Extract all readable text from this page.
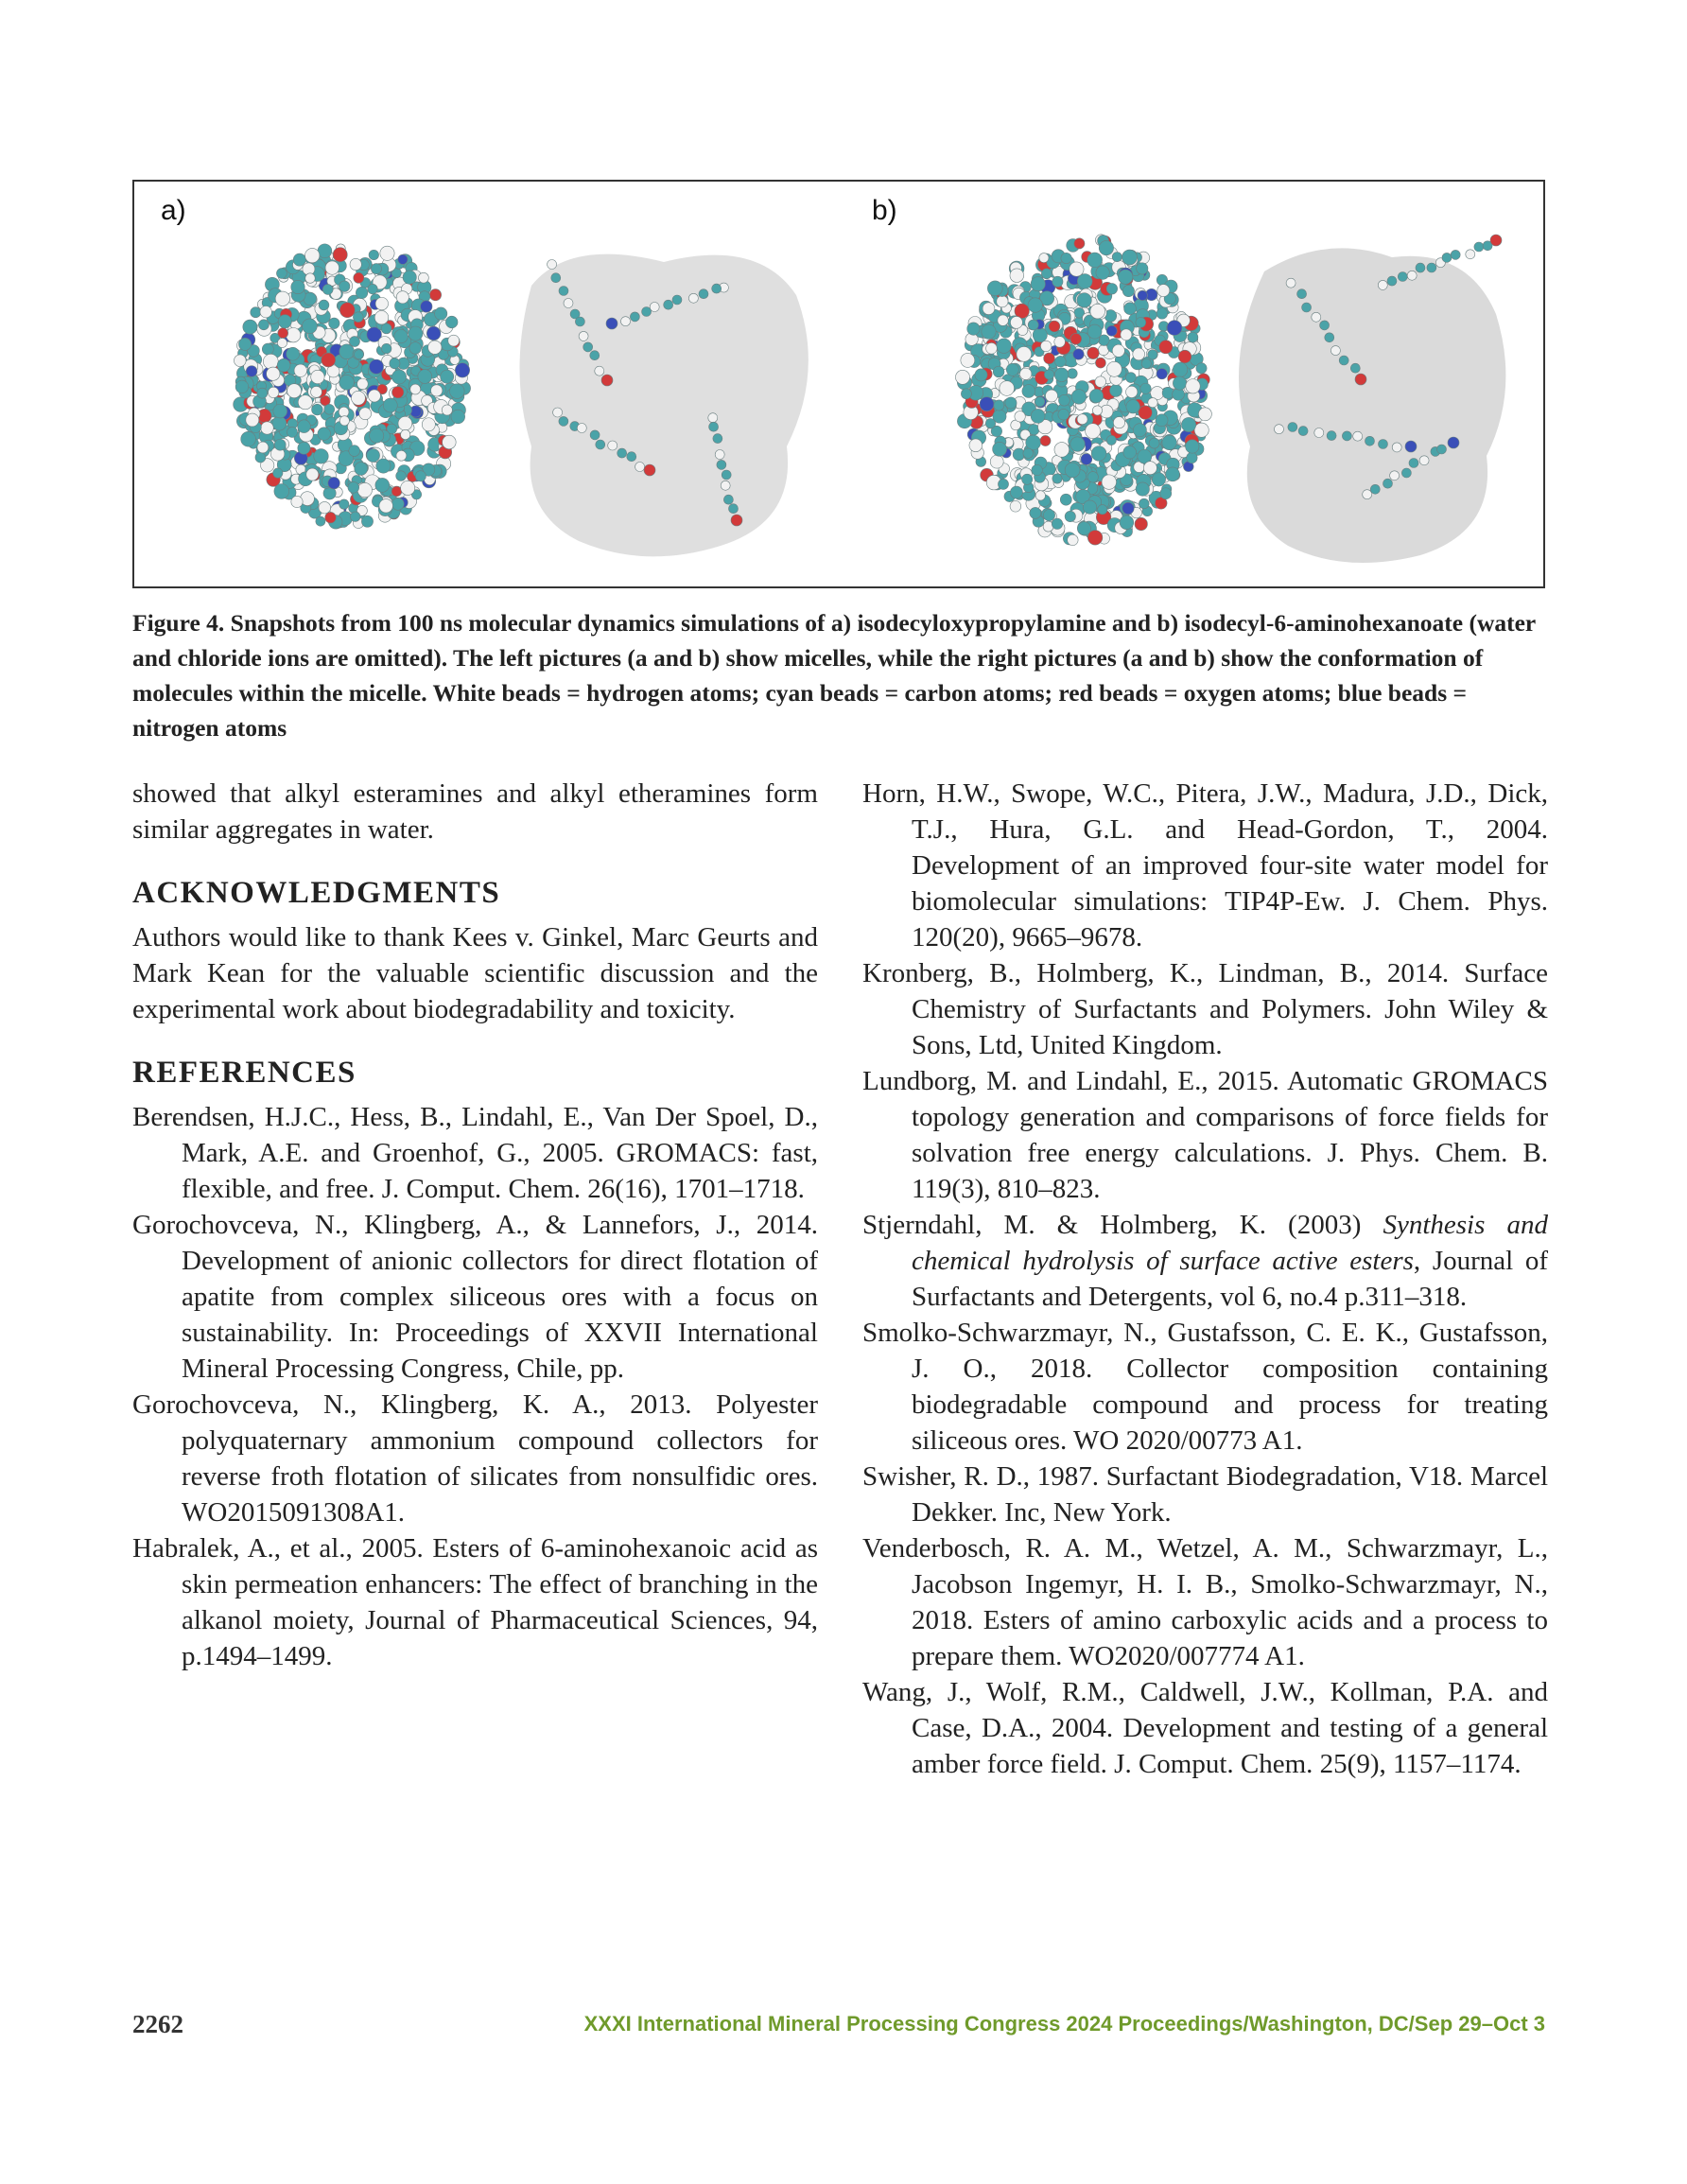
a)	b)
Figure 4. Snapshots from 100 ns molecular dynamics simulations of a) isodecyloxypropylamine and b) isodecyl-6-aminohexanoate (water and chloride ions are omitted). The left pictures (a and b) show micelles, while the right pictures (a and b) show the conformation of molecules within the micelle. White beads = hydrogen atoms; cyan beads = carbon atoms; red beads = oxygen atoms; blue beads = nitrogen atoms

showed that alkyl esteramines and alkyl etheramines form similar aggregates in water.

ACKNOWLEDGMENTS

Authors would like to thank Kees v. Ginkel, Marc Geurts and Mark Kean for the valuable scientific discussion and the experimental work about biodegradability and toxicity.

REFERENCES
Berendsen, H.J.C., Hess, B., Lindahl, E., Van Der Spoel, D., Mark, A.E. and Groenhof, G., 2005. GROMACS: fast, flexible, and free. J. Comput. Chem. 26(16), 1701–1718.
Gorochovceva, N., Klingberg, A., & Lannefors, J., 2014. Development of anionic collectors for direct flotation of apatite from complex siliceous ores with a focus on sustainability. In: Proceedings of XXVII International Mineral Processing Congress, Chile, pp.
Gorochovceva, N., Klingberg, K. A., 2013. Polyester polyquaternary ammonium compound collectors for reverse froth flotation of silicates from nonsulfidic ores. WO2015091308A1.
Habralek, A., et al., 2005. Esters of 6-aminohexanoic acid as skin permeation enhancers: The effect of branching in the alkanol moiety, Journal of Pharmaceutical Sciences, 94, p.1494–1499.
Horn, H.W., Swope, W.C., Pitera, J.W., Madura, J.D., Dick, T.J., Hura, G.L. and Head-Gordon, T., 2004. Development of an improved four-site water model for biomolecular simulations: TIP4P-Ew. J. Chem. Phys. 120(20), 9665–9678.
Kronberg, B., Holmberg, K., Lindman, B., 2014. Surface Chemistry of Surfactants and Polymers. John Wiley & Sons, Ltd, United Kingdom.
Lundborg, M. and Lindahl, E., 2015. Automatic GROMACS topology generation and comparisons of force fields for solvation free energy calculations. J. Phys. Chem. B. 119(3), 810–823.
Stjerndahl, M. & Holmberg, K. (2003) Synthesis and chemical hydrolysis of surface active esters, Journal of Surfactants and Detergents, vol 6, no.4 p.311–318.
Smolko-Schwarzmayr, N., Gustafsson, C. E. K., Gustafsson, J. O., 2018. Collector composition containing biodegradable compound and process for treating siliceous ores. WO 2020/00773 A1.
Swisher, R. D., 1987. Surfactant Biodegradation, V18. Marcel Dekker. Inc, New York.
Venderbosch, R. A. M., Wetzel, A. M., Schwarzmayr, L., Jacobson Ingemyr, H. I. B., Smolko-Schwarzmayr, N., 2018. Esters of amino carboxylic acids and a process to prepare them. WO2020/007774 A1.
Wang, J., Wolf, R.M., Caldwell, J.W., Kollman, P.A. and Case, D.A., 2004. Development and testing of a general amber force field. J. Comput. Chem. 25(9), 1157–1174.
2262	XXXI International Mineral Processing Congress 2024 Proceedings/Washington, DC/Sep 29–Oct 3
